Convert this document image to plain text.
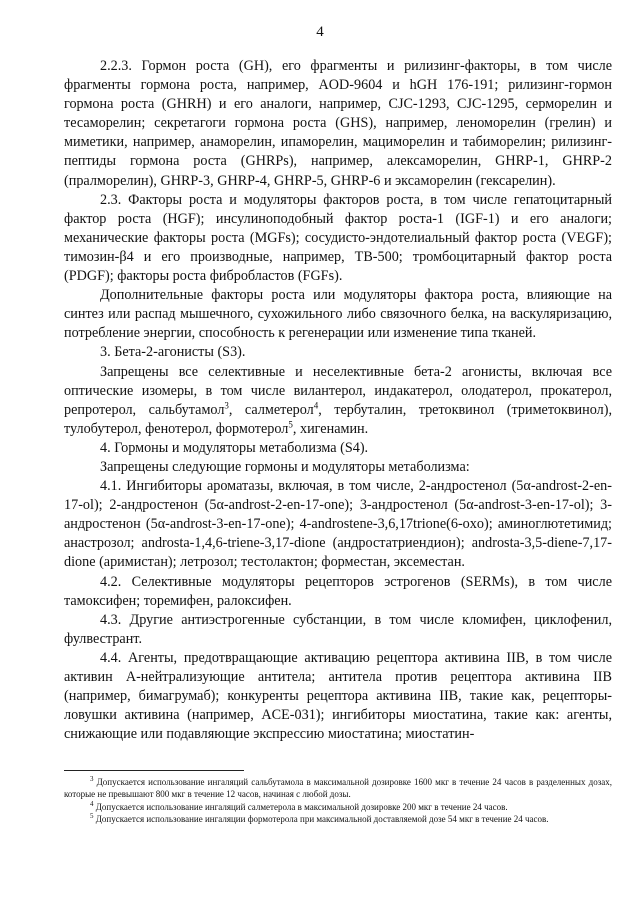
4

2.2.3. Гормон роста (GH), его фрагменты и рилизинг-факторы, в том числе фрагменты гормона роста, например, AOD-9604 и hGH 176-191; рилизинг-гормон гормона роста (GHRH) и его аналоги, например, CJC-1293, CJC-1295, серморелин и тесаморелин; секретагоги гормона роста (GHS), например, леноморелин (грелин) и миметики, например, анаморелин, ипаморелин, мациморелин и табиморелин; рилизинг-пептиды гормона роста (GHRPs), например, алексаморелин, GHRP-1, GHRP-2 (пралморелин), GHRP-3, GHRP-4, GHRP-5, GHRP-6 и эксаморелин (гексарелин).

2.3. Факторы роста и модуляторы факторов роста, в том числе гепатоцитарный фактор роста (HGF); инсулиноподобный фактор роста-1 (IGF-1) и его аналоги; механические факторы роста (MGFs); сосудисто-эндотелиальный фактор роста (VEGF); тимозин-β4 и его производные, например, ТВ-500; тромбоцитарный фактор роста (PDGF); факторы роста фибробластов (FGFs).

Дополнительные факторы роста или модуляторы фактора роста, влияющие на синтез или распад мышечного, сухожильного либо связочного белка, на васкуляризацию, потребление энергии, способность к регенерации или изменение типа тканей.

3. Бета-2-агонисты (S3).

Запрещены все селективные и неселективные бета-2 агонисты, включая все оптические изомеры, в том числе вилантерол, индакатерол, олодатерол, прокатерол, репротерол, сальбутамол$^3$, салметерол$^4$, тербуталин, третоквинол (триметоквинол), тулобутерол, фенотерол, формотерол$^5$, хигенамин.

4. Гормоны и модуляторы метаболизма (S4).

Запрещены следующие гормоны и модуляторы метаболизма:

4.1. Ингибиторы ароматазы, включая, в том числе, 2-андростенол (5α-androst-2-en-17-ol); 2-андростенон (5α-androst-2-en-17-one); 3-андростенол (5α-androst-3-en-17-ol); 3-андростенон (5α-androst-3-en-17-one); 4-androstene-3,6,17trione(6-oxo); аминоглютетимид; анастрозол; androsta-1,4,6-triene-3,17-dione (андростатриендион); androsta-3,5-diene-7,17-dione (аримистан); летрозол; тестолактон; форместан, эксеместан.

4.2. Селективные модуляторы рецепторов эстрогенов (SERMs), в том числе тамоксифен; торемифен, ралоксифен.

4.3. Другие антиэстрогенные субстанции, в том числе кломифен, циклофенил, фулвестрант.

4.4. Агенты, предотвращающие активацию рецептора активина IIB, в том числе активин А-нейтрализующие антитела; антитела против рецептора активина IIB (например, бимагрумаб); конкуренты рецептора активина IIB, такие как, рецепторы-ловушки активина (например, ACE-031); ингибиторы миостатина, такие как: агенты, снижающие или подавляющие экспрессию миостатина; миостатин-

$^3$ Допускается использование ингаляций сальбутамола в максимальной дозировке 1600 мкг в течение 24 часов в разделенных дозах, которые не превышают 800 мкг в течение 12 часов, начиная с любой дозы.

$^4$ Допускается использование ингаляций салметерола в максимальной дозировке 200 мкг в течение 24 часов.

$^5$ Допускается использование ингаляции формотерола при максимальной доставляемой дозе 54 мкг в течение 24 часов.
